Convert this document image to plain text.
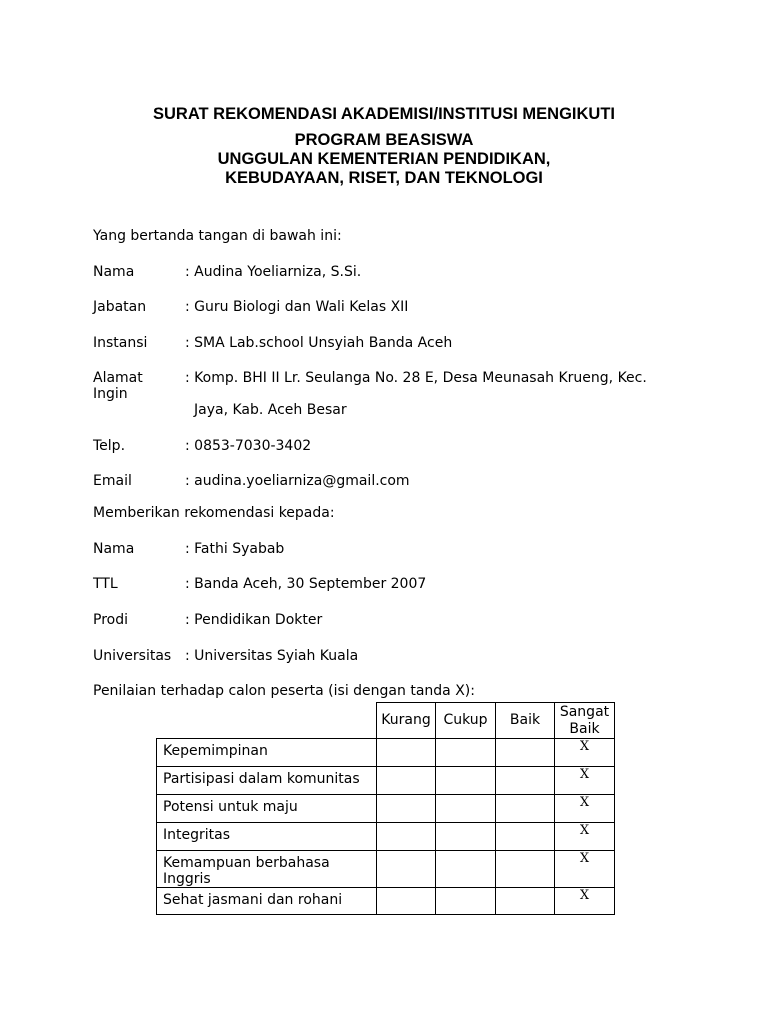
SURAT REKOMENDASI AKADEMISI/INSTITUSI MENGIKUTI
PROGRAM BEASISWA
UNGGULAN KEMENTERIAN PENDIDIKAN,
KEBUDAYAAN, RISET, DAN TEKNOLOGI
Yang bertanda tangan di bawah ini:
Nama	: Audina Yoeliarniza, S.Si.
Jabatan	: Guru Biologi dan Wali Kelas XII
Instansi	: SMA Lab.school Unsyiah Banda Aceh
Alamat
Ingin
: Komp. BHI II Lr. Seulanga No. 28 E, Desa Meunasah Krueng, Kec.
Jaya, Kab. Aceh Besar
Telp.	: 0853-7030-3402
Email	: audina.yoeliarniza@gmail.com
Memberikan rekomendasi kepada:
Nama	: Fathi Syabab
TTL	: Banda Aceh, 30 September 2007
Prodi	: Pendidikan Dokter
Universitas : Universitas Syiah Kuala
Penilaian terhadap calon peserta (isi dengan tanda X):
	Kurang	Cukup	Baik	Sangat Baik
Kepemimpinan				X
Partisipasi dalam komunitas				X
Potensi untuk maju				X
Integritas				X
Kemampuan berbahasa Inggris				X
Sehat jasmani dan rohani				X
